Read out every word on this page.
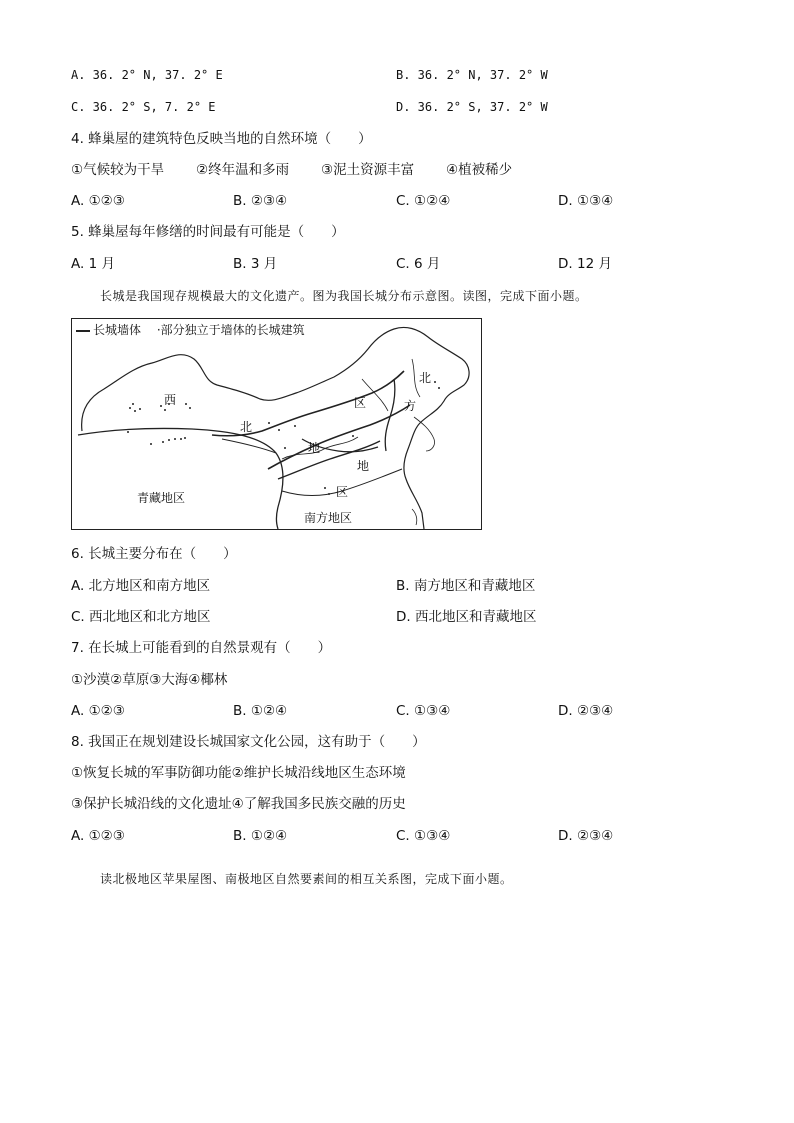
A. 36. 2° N, 37. 2° E	B. 36. 2° N, 37. 2° W
C. 36. 2° S, 7. 2° E	D. 36. 2° S, 37. 2° W
4. 蜂巢屋的建筑特色反映当地的自然环境（　　）
①气候较为干旱 ②终年温和多雨 ③泥土资源丰富 ④植被稀少
A. ①②③	B. ②③④	C. ①②④	D. ①③④
5. 蜂巢屋每年修缮的时间最有可能是（　　）
A. 1 月	B. 3 月	C. 6 月	D. 12 月
长城是我国现存规模最大的文化遗产。图为我国长城分布示意图。读图，完成下面小题。
长城墙体 ·部分独立于墙体的长城建筑
西
北
地
区
北
方
地
区
青藏地区
南方地区
6. 长城主要分布在（　　）
A. 北方地区和南方地区	B. 南方地区和青藏地区
C. 西北地区和北方地区	D. 西北地区和青藏地区
7. 在长城上可能看到的自然景观有（　　）
①沙漠②草原③大海④椰林
A. ①②③	B. ①②④	C. ①③④	D. ②③④
8. 我国正在规划建设长城国家文化公园，这有助于（　　）
①恢复长城的军事防御功能②维护长城沿线地区生态环境
③保护长城沿线的文化遗址④了解我国多民族交融的历史
A. ①②③	B. ①②④	C. ①③④	D. ②③④
读北极地区苹果屋图、南极地区自然要素间的相互关系图，完成下面小题。
